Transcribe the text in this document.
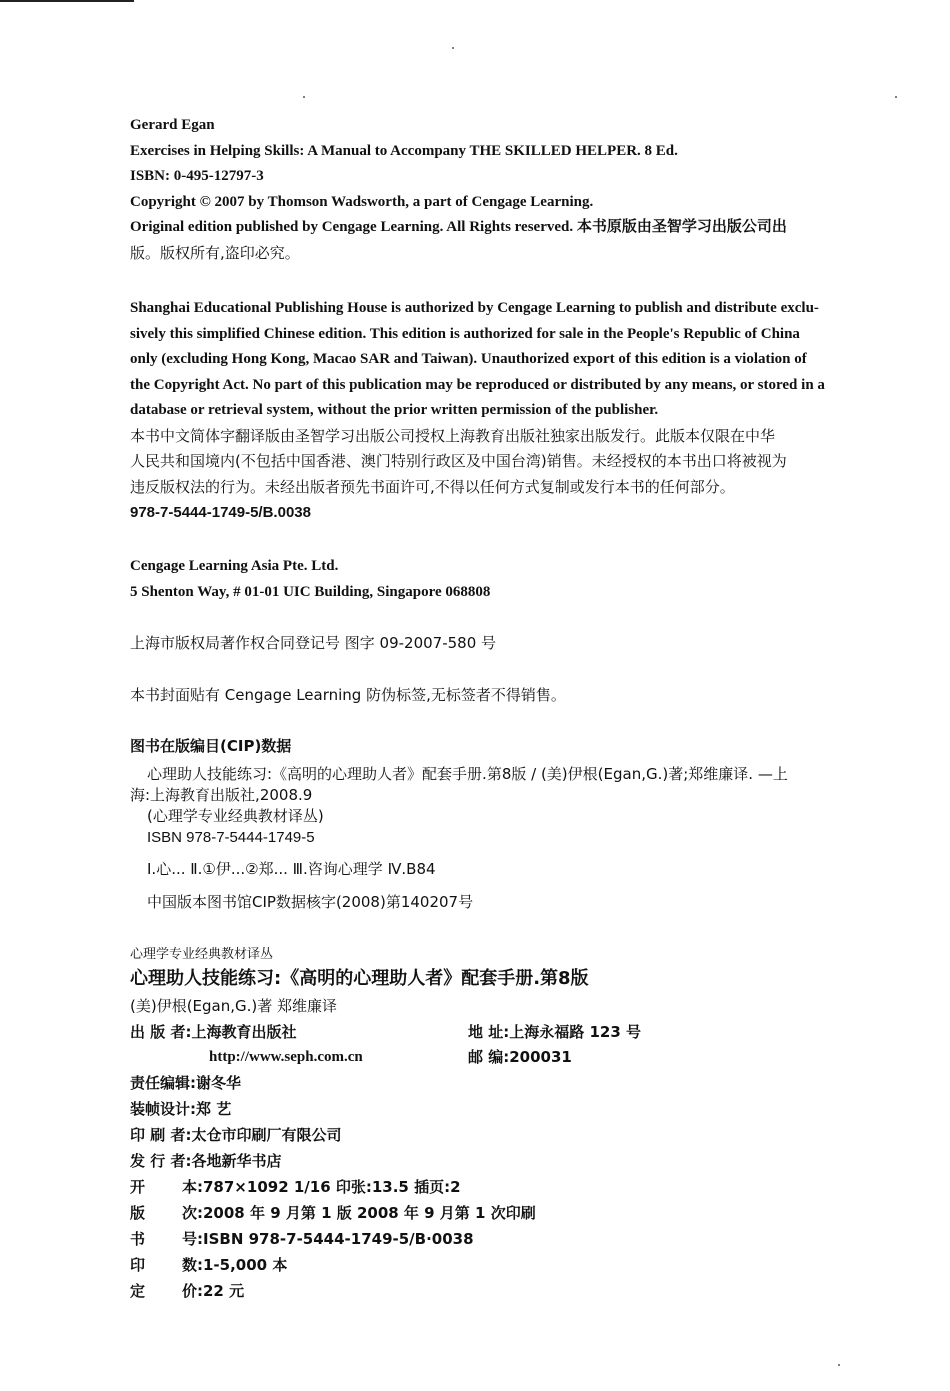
Gerard Egan
Exercises in Helping Skills: A Manual to Accompany THE SKILLED HELPER. 8 Ed.
ISBN: 0-495-12797-3
Copyright © 2007 by Thomson Wadsworth, a part of Cengage Learning.
Original edition published by Cengage Learning. All Rights reserved. 本书原版由圣智学习出版公司出
版。版权所有,盗印必究。
Shanghai Educational Publishing House is authorized by Cengage Learning to publish and distribute exclu-
sively this simplified Chinese edition. This edition is authorized for sale in the People's Republic of China
only (excluding Hong Kong, Macao SAR and Taiwan). Unauthorized export of this edition is a violation of
the Copyright Act. No part of this publication may be reproduced or distributed by any means, or stored in a
database or retrieval system, without the prior written permission of the publisher.
本书中文简体字翻译版由圣智学习出版公司授权上海教育出版社独家出版发行。此版本仅限在中华
人民共和国境内(不包括中国香港、澳门特别行政区及中国台湾)销售。未经授权的本书出口将被视为
违反版权法的行为。未经出版者预先书面许可,不得以任何方式复制或发行本书的任何部分。
978-7-5444-1749-5/B.0038
Cengage Learning Asia Pte. Ltd.
5 Shenton Way, # 01-01 UIC Building, Singapore 068808
上海市版权局著作权合同登记号 图字 09-2007-580 号
本书封面贴有 Cengage Learning 防伪标签,无标签者不得销售。
图书在版编目(CIP)数据
心理助人技能练习:《高明的心理助人者》配套手册.第8版 / (美)伊根(Egan,G.)著;郑维廉译. —上
海:上海教育出版社,2008.9
(心理学专业经典教材译丛)
ISBN 978-7-5444-1749-5
Ⅰ.心... Ⅱ.①伊...②郑... Ⅲ.咨询心理学 Ⅳ.B84
中国版本图书馆CIP数据核字(2008)第140207号
心理学专业经典教材译丛
心理助人技能练习:《高明的心理助人者》配套手册.第8版
(美)伊根(Egan,G.)著 郑维廉译
出 版 者:上海教育出版社	地 址:上海永福路 123 号
http://www.seph.com.cn	邮 编:200031
责任编辑:谢冬华
装帧设计:郑 艺
印 刷 者:太仓市印刷厂有限公司
发 行 者:各地新华书店
开 本:787×1092 1/16 印张:13.5 插页:2
版 次:2008 年 9 月第 1 版 2008 年 9 月第 1 次印刷
书 号:ISBN 978-7-5444-1749-5/B·0038
印 数:1-5,000 本
定 价:22 元
